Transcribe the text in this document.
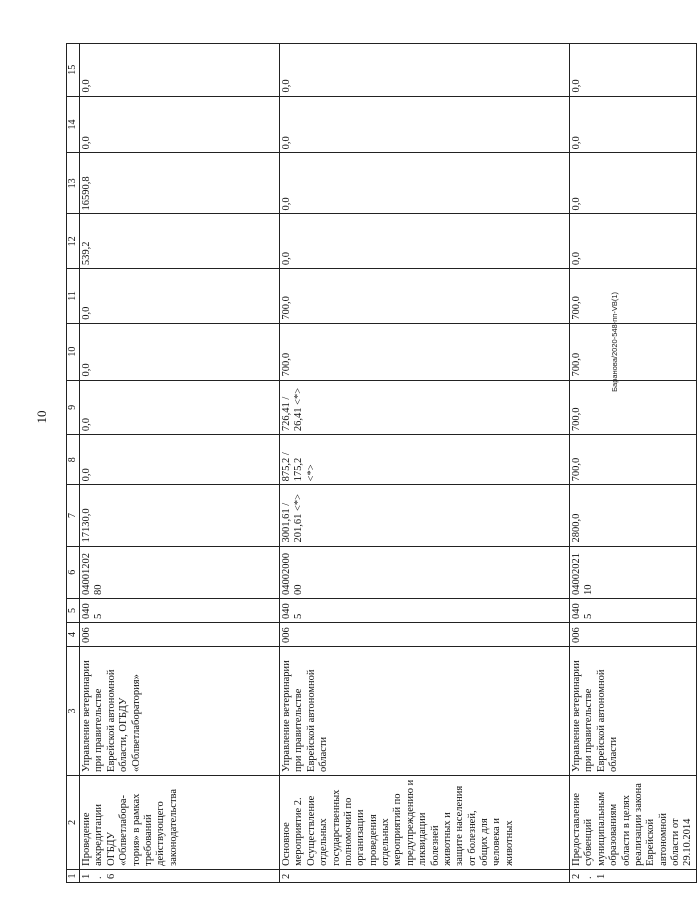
10
1	2	3	4	5	6	7	8	9	10	11	12	13	14	15
1.6	Проведение аккредитации ОГБДУ «Облветлабора-тория» в рамках требований действующего законодательства	Управление ветеринарии при правительстве Еврейской автономной области, ОГБДУ «Облветлаборатория»	006	0405	04001202 80	17130,0	0,0	0,0	0,0	0,0	539,2	16590,8	0,0	0,0
2	Основное мероприятие 2. Осуществление отдельных государственных полномочий по организации проведения отдельных мероприятий по предупреждению и ликвидации болезней животных и защите населения от болезней, общих для человека и животных	Управление ветеринарии при правительстве Еврейской автономной области	006	0405	04002000 00	3001,61 / 201,61 <*>	875,2 / 175,2 <*>	726,41 / 26,41 <*>	700,0	700,0	0,0	0,0	0,0	0,0
2.1	Предоставление субвенций муниципальным образованиям области в целях реализации закона Еврейской автономной области от 29.10.2014	Управление ветеринарии при правительстве Еврейской автономной области	006	0405	04002021 10	2800,0	700,0	700,0	700,0	700,0	0,0	0,0	0,0	0,0
Баранова/2020-548-пп-VВ(1)
